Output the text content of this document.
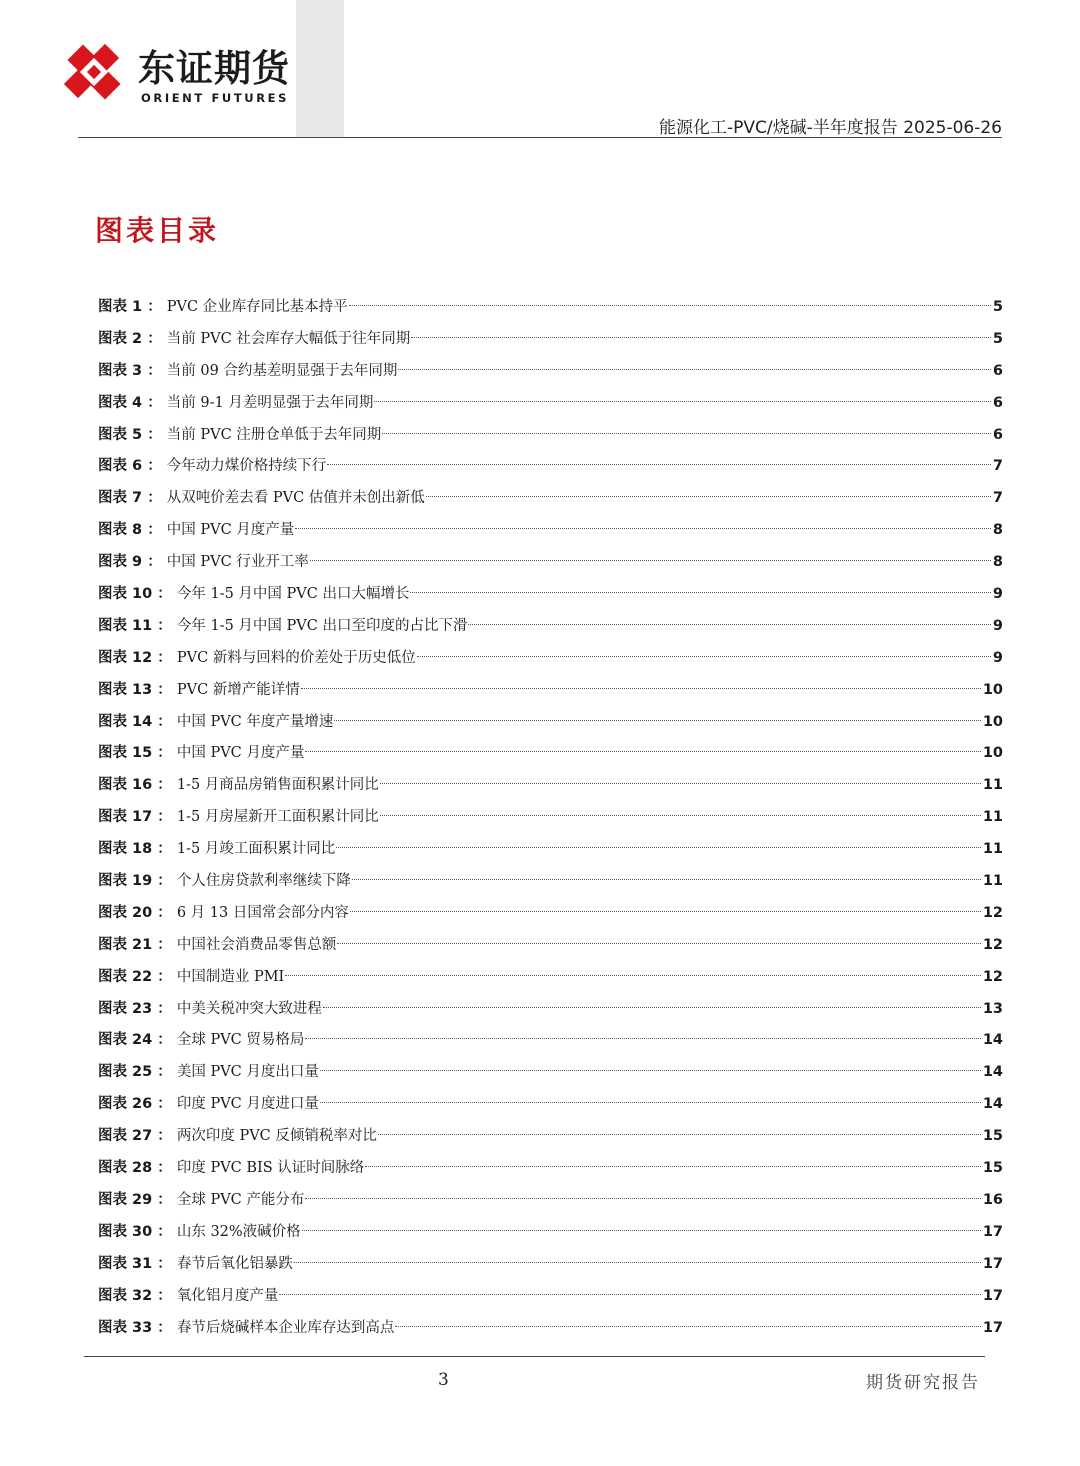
东证期货
ORIENT FUTURES
能源化工-PVC/烧碱-半年度报告 2025-06-26
图表目录
图表 1 ： PVC 企业库存同比基本持平	5
图表 2 ： 当前 PVC 社会库存大幅低于往年同期	5
图表 3 ： 当前 09 合约基差明显强于去年同期	6
图表 4 ： 当前 9-1 月差明显强于去年同期	6
图表 5 ： 当前 PVC 注册仓单低于去年同期	6
图表 6 ： 今年动力煤价格持续下行	7
图表 7 ： 从双吨价差去看 PVC 估值并未创出新低	7
图表 8 ： 中国 PVC 月度产量	8
图表 9 ： 中国 PVC 行业开工率	8
图表 10 ： 今年 1-5 月中国 PVC 出口大幅增长	9
图表 11 ： 今年 1-5 月中国 PVC 出口至印度的占比下滑	9
图表 12 ： PVC 新料与回料的价差处于历史低位	9
图表 13 ： PVC 新增产能详情	10
图表 14 ： 中国 PVC 年度产量增速	10
图表 15 ： 中国 PVC 月度产量	10
图表 16 ： 1-5 月商品房销售面积累计同比	11
图表 17 ： 1-5 月房屋新开工面积累计同比	11
图表 18 ： 1-5 月竣工面积累计同比	11
图表 19 ： 个人住房贷款利率继续下降	11
图表 20 ： 6 月 13 日国常会部分内容	12
图表 21 ： 中国社会消费品零售总额	12
图表 22 ： 中国制造业 PMI	12
图表 23 ： 中美关税冲突大致进程	13
图表 24 ： 全球 PVC 贸易格局	14
图表 25 ： 美国 PVC 月度出口量	14
图表 26 ： 印度 PVC 月度进口量	14
图表 27 ： 两次印度 PVC 反倾销税率对比	15
图表 28 ： 印度 PVC BIS 认证时间脉络	15
图表 29 ： 全球 PVC 产能分布	16
图表 30 ： 山东 32%液碱价格	17
图表 31 ： 春节后氧化铝暴跌	17
图表 32 ： 氧化铝月度产量	17
图表 33 ： 春节后烧碱样本企业库存达到高点	17
3	期货研究报告
